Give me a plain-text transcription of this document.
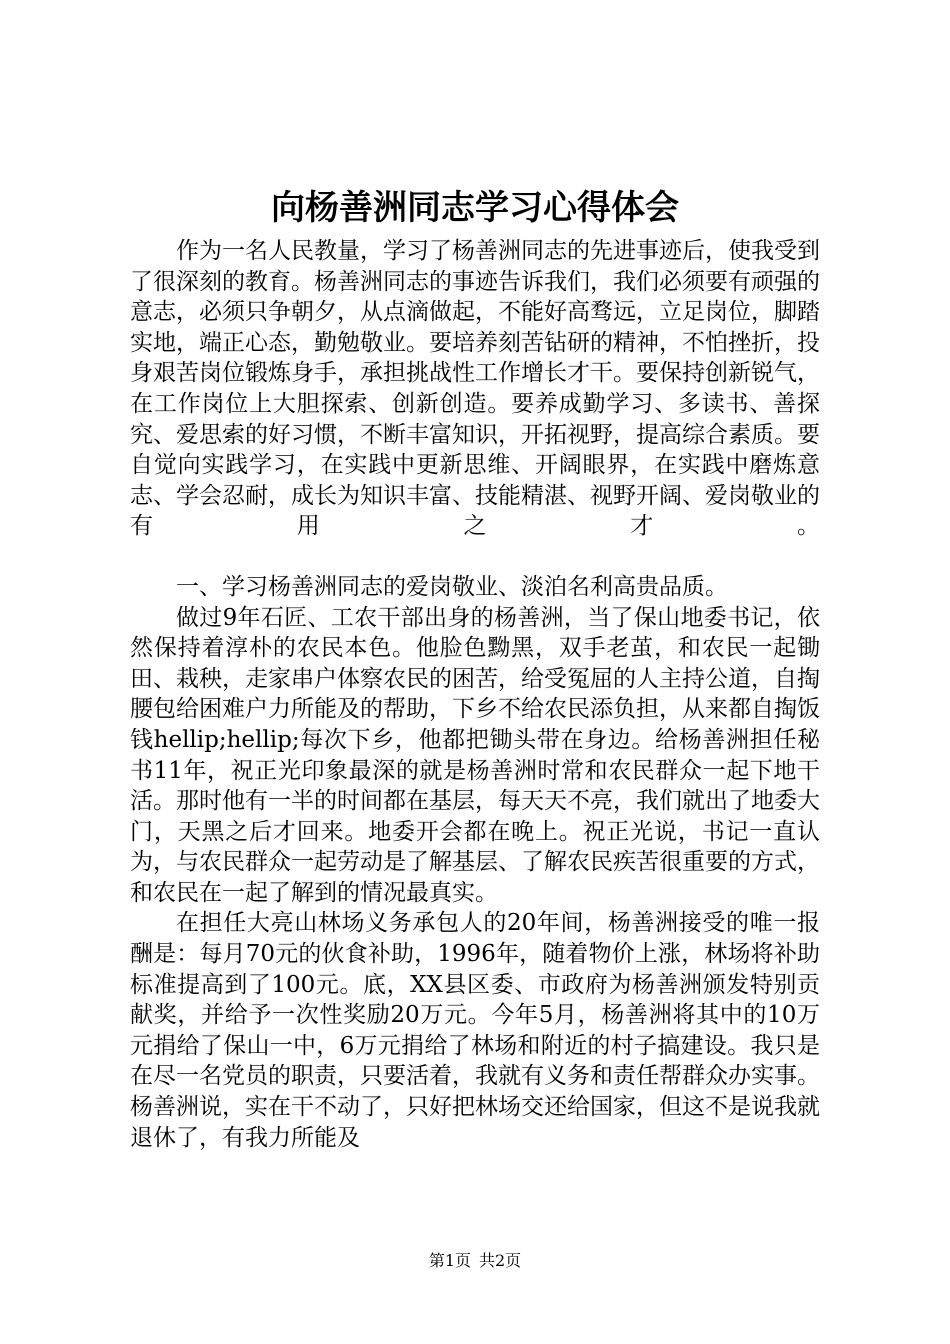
向杨善洲同志学习心得体会

作为一名人民教量，学习了杨善洲同志的先进事迹后，使我受到了很深刻的教育。杨善洲同志的事迹告诉我们，我们必须要有顽强的意志，必须只争朝夕，从点滴做起，不能好高骛远，立足岗位，脚踏实地，端正心态，勤勉敬业。要培养刻苦钻研的精神，不怕挫折，投身艰苦岗位锻炼身手，承担挑战性工作增长才干。要保持创新锐气，在工作岗位上大胆探索、创新创造。要养成勤学习、多读书、善探究、爱思索的好习惯，不断丰富知识，开拓视野，提高综合素质。要自觉向实践学习，在实践中更新思维、开阔眼界，在实践中磨炼意志、学会忍耐，成长为知识丰富、技能精湛、视野开阔、爱岗敬业的有用之才。

一、学习杨善洲同志的爱岗敬业、淡泊名利高贵品质。

做过9年石匠、工农干部出身的杨善洲，当了保山地委书记，依然保持着淳朴的农民本色。他脸色黝黑，双手老茧，和农民一起锄田、栽秧，走家串户体察农民的困苦，给受冤屈的人主持公道，自掏腰包给困难户力所能及的帮助，下乡不给农民添负担，从来都自掏饭钱hellip;hellip;每次下乡，他都把锄头带在身边。给杨善洲担任秘书11年，祝正光印象最深的就是杨善洲时常和农民群众一起下地干活。那时他有一半的时间都在基层，每天天不亮，我们就出了地委大门，天黑之后才回来。地委开会都在晚上。祝正光说，书记一直认为，与农民群众一起劳动是了解基层、了解农民疾苦很重要的方式，和农民在一起了解到的情况最真实。

在担任大亮山林场义务承包人的20年间，杨善洲接受的唯一报酬是：每月70元的伙食补助，1996年，随着物价上涨，林场将补助标准提高到了100元。底，XX县区委、市政府为杨善洲颁发特别贡献奖，并给予一次性奖励20万元。今年5月，杨善洲将其中的10万元捐给了保山一中，6万元捐给了林场和附近的村子搞建设。我只是在尽一名党员的职责，只要活着，我就有义务和责任帮群众办实事。杨善洲说，实在干不动了，只好把林场交还给国家，但这不是说我就退休了，有我力所能及

第1页 共2页
